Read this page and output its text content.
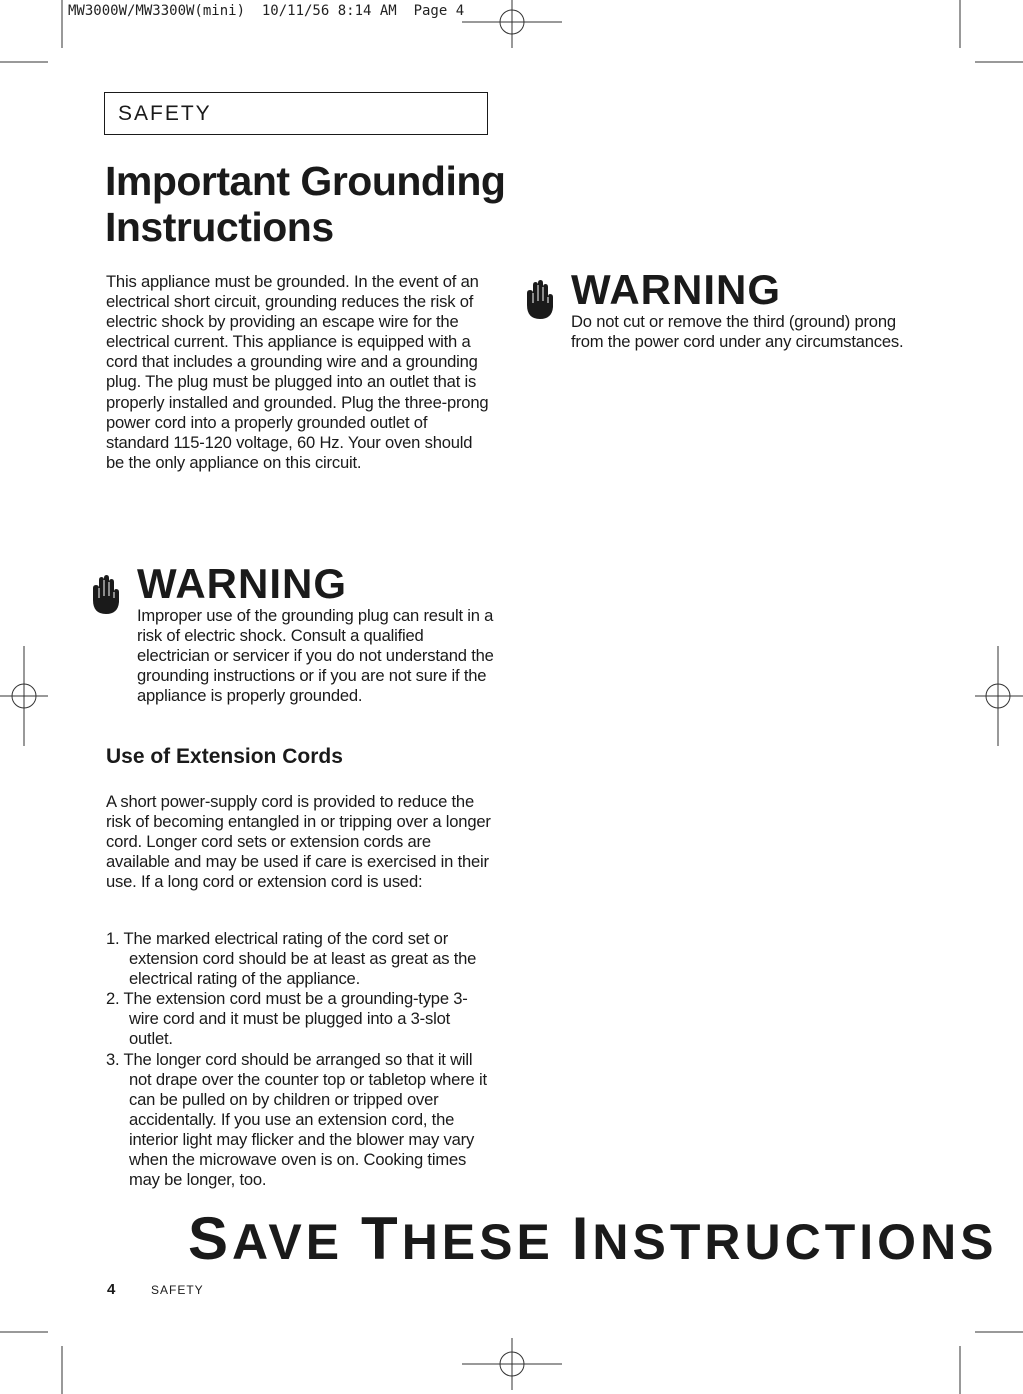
MW3000W/MW3300W(mini)  10/11/56 8:14 AM  Page 4
SAFETY
Important Grounding
Instructions
This appliance must be grounded. In the event of an electrical short circuit, grounding reduces the risk of electric shock by providing an escape wire for the electrical current. This appliance is equipped with a cord that includes a grounding wire and a grounding plug. The plug must be plugged into an outlet that is properly installed and grounded. Plug the three-prong power cord into a properly grounded outlet of standard 115-120 voltage, 60 Hz. Your oven should be the only appliance on this circuit.
WARNING
Do not cut or remove the third (ground) prong from the power cord under any circumstances.
WARNING
Improper use of the grounding plug can result in a risk of electric shock. Consult a qualified electrician or servicer if you do not understand the grounding instructions or if you are not sure if the appliance is properly grounded.
Use of Extension Cords
A short power-supply cord is provided to reduce the risk of becoming entangled in or tripping over a longer cord. Longer cord sets or extension cords are available and may be used if care is exercised in their use. If a long cord or extension cord is used:
1. The marked electrical rating of the cord set or extension cord should be at least as great as the electrical rating of the appliance.
2. The extension cord must be a grounding-type 3-wire cord and it must be plugged into a 3-slot outlet.
3. The longer cord should be arranged so that it will not drape over the counter top or tabletop where it can be pulled on by children or tripped over accidentally. If you use an extension cord, the interior light may flicker and the blower may vary when the microwave oven is on. Cooking times may be longer, too.
SAVE THESE INSTRUCTIONS
4	SAFETY
